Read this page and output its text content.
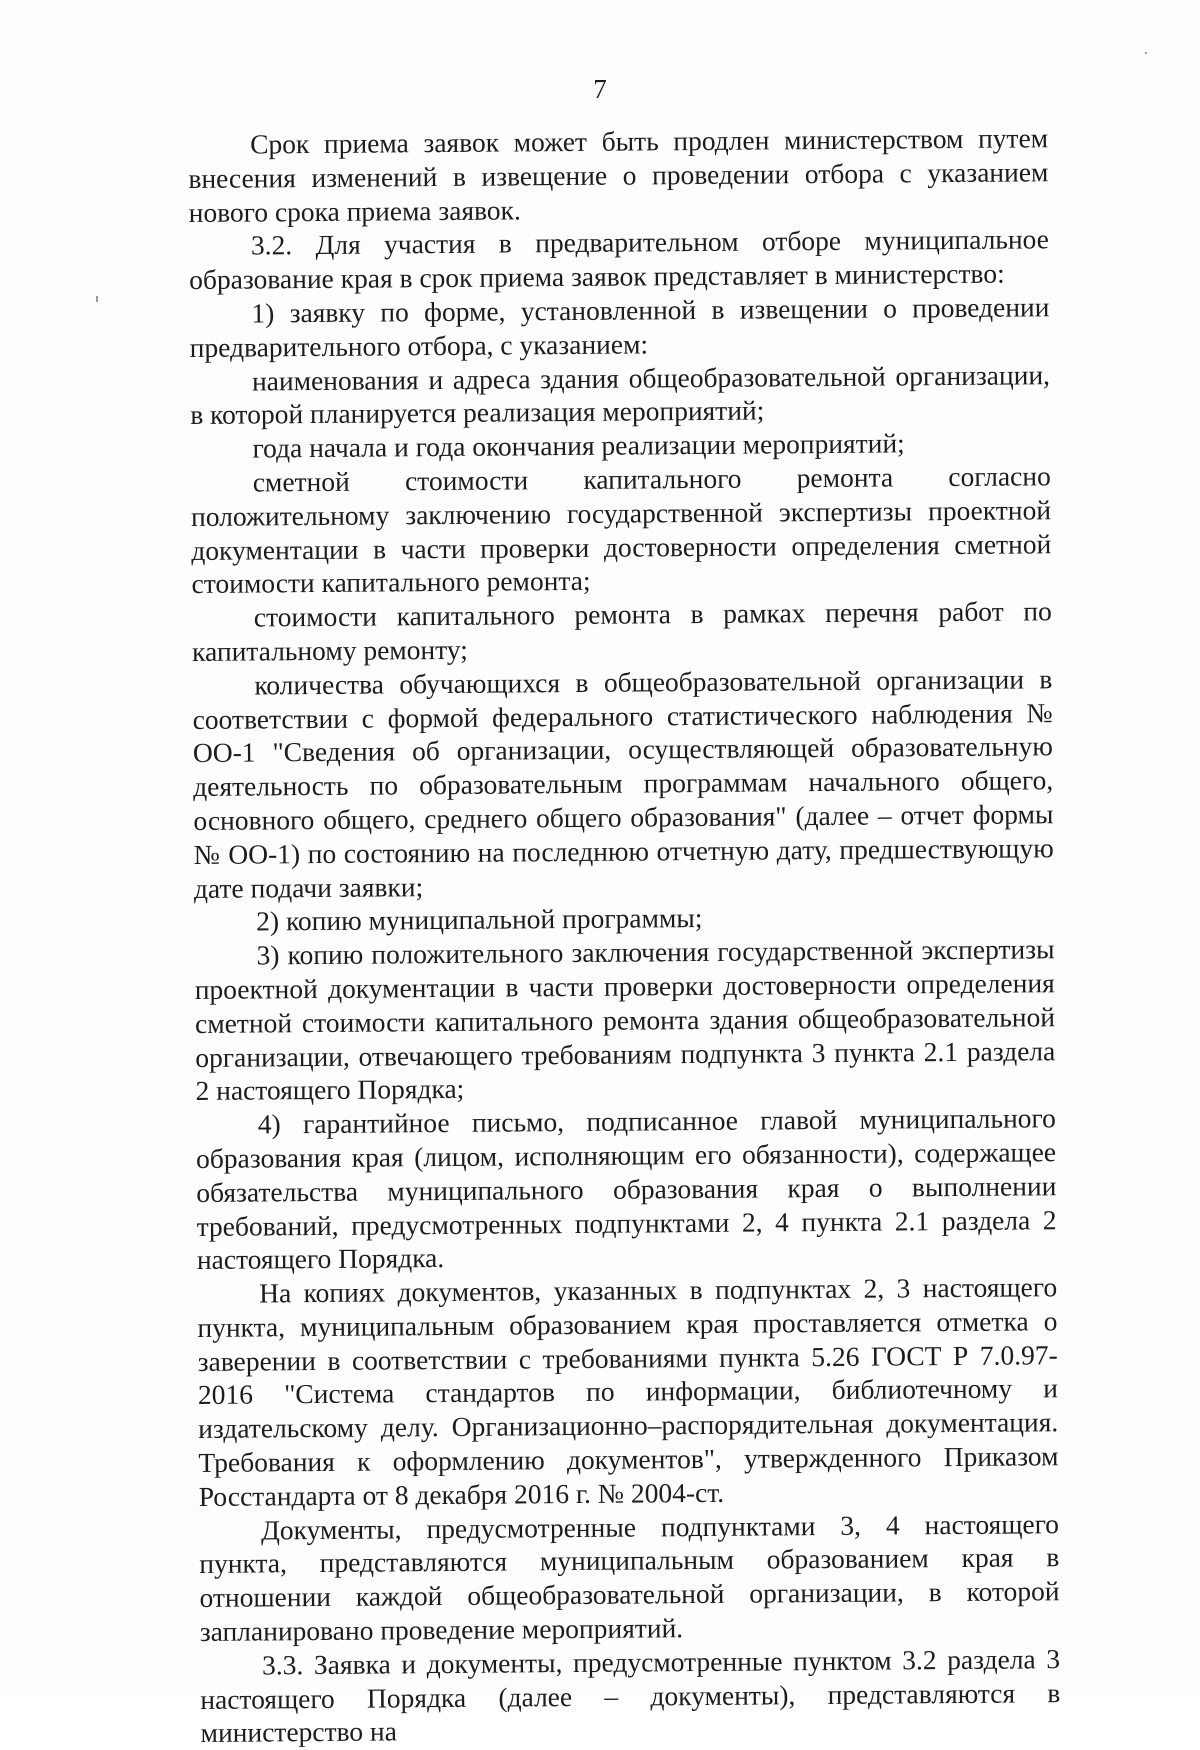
7

Срок приема заявок может быть продлен министерством путем внесения изменений в извещение о проведении отбора с указанием нового срока приема заявок.

3.2. Для участия в предварительном отборе муниципальное образование края в срок приема заявок представляет в министерство:

1) заявку по форме, установленной в извещении о проведении предварительного отбора, с указанием:

наименования и адреса здания общеобразовательной организации, в которой планируется реализация мероприятий;

года начала и года окончания реализации мероприятий;

сметной стоимости капитального ремонта согласно положительному заключению государственной экспертизы проектной документации в части проверки достоверности определения сметной стоимости капитального ремонта;

стоимости капитального ремонта в рамках перечня работ по капитальному ремонту;

количества обучающихся в общеобразовательной организации в соответствии с формой федерального статистического наблюдения № ОО-1 "Сведения об организации, осуществляющей образовательную деятельность по образовательным программам начального общего, основного общего, среднего общего образования" (далее – отчет формы № ОО-1) по состоянию на последнюю отчетную дату, предшествующую дате подачи заявки;

2) копию муниципальной программы;

3) копию положительного заключения государственной экспертизы проектной документации в части проверки достоверности определения сметной стоимости капитального ремонта здания общеобразовательной организации, отвечающего требованиям подпункта 3 пункта 2.1 раздела 2 настоящего Порядка;

4) гарантийное письмо, подписанное главой муниципального образования края (лицом, исполняющим его обязанности), содержащее обязательства муниципального образования края о выполнении требований, предусмотренных подпунктами 2, 4 пункта 2.1 раздела 2 настоящего Порядка.

На копиях документов, указанных в подпунктах 2, 3 настоящего пункта, муниципальным образованием края проставляется отметка о заверении в соответствии с требованиями пункта 5.26 ГОСТ Р 7.0.97-2016 "Система стандартов по информации, библиотечному и издательскому делу. Организационно–распорядительная документация. Требования к оформлению документов", утвержденного Приказом Росстандарта от 8 декабря 2016 г. № 2004-ст.

Документы, предусмотренные подпунктами 3, 4 настоящего пункта, представляются муниципальным образованием края в отношении каждой общеобразовательной организации, в которой запланировано проведение мероприятий.

3.3. Заявка и документы, предусмотренные пунктом 3.2 раздела 3 настоящего Порядка (далее – документы), представляются в министерство на
